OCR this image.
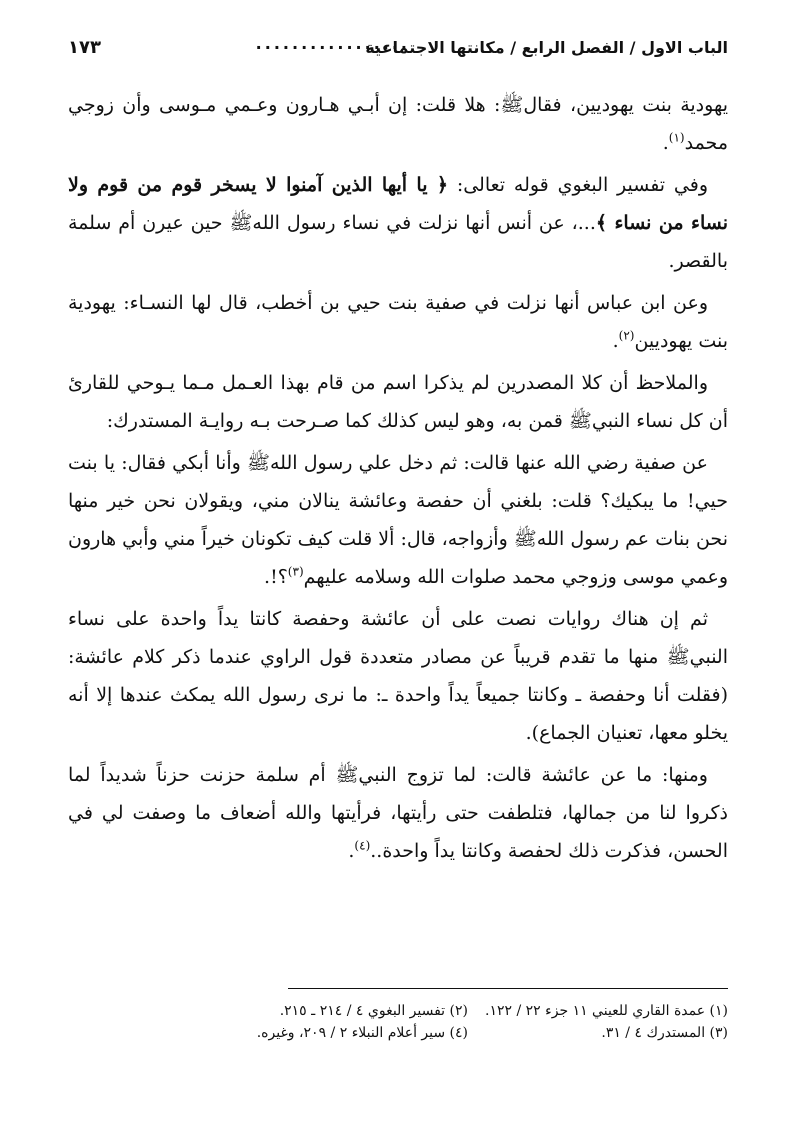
الباب الاول / الفصل الرابع / مكانتها الاجتماعية
.................
١٧٣

يهودية بنت يهوديين، فقالﷺ: هلا قلت: إن أبـي هـارون وعـمي مـوسى وأن زوجي محمد$^{(١)}$.

وفي تفسير البغوي قوله تعالى: ﴿ يا أيها الذين آمنوا لا يسخر قوم من قوم ولا نساء من نساء ﴾...، عن أنس أنها نزلت في نساء رسول اللهﷺ حين عيرن أم سلمة بالقصر.

وعن ابن عباس أنها نزلت في صفية بنت حيي بن أخطب، قال لها النسـاء: يهودية بنت يهوديين$^{(٢)}$.

والملاحظ أن كلا المصدرين لم يذكرا اسم من قام بهذا العـمل مـما يـوحي للقارئ أن كل نساء النبيﷺ قمن به، وهو ليس كذلك كما صـرحت بـه روايـة المستدرك:

عن صفية رضي الله عنها قالت: ثم دخل علي رسول اللهﷺ وأنا أبكي فقال: يا بنت حيي! ما يبكيك؟ قلت: بلغني أن حفصة وعائشة ينالان مني، ويقولان نحن خير منها نحن بنات عم رسول اللهﷺ وأزواجه، قال: ألا قلت كيف تكونان خيراً مني وأبي هارون وعمي موسى وزوجي محمد صلوات الله وسلامه عليهم$^{(٣)}$؟!.

ثم إن هناك روايات نصت على أن عائشة وحفصة كانتا يداً واحدة على نساء النبيﷺ منها ما تقدم قريباً عن مصادر متعددة قول الراوي عندما ذكر كلام عائشة: (فقلت أنا وحفصة ـ وكانتا جميعاً يداً واحدة ـ: ما نرى رسول الله يمكث عندها إلا أنه يخلو معها، تعنيان الجماع).

ومنها: ما عن عائشة قالت: لما تزوج النبيﷺ أم سلمة حزنت حزناً شديداً لما ذكروا لنا من جمالها، فتلطفت حتى رأيتها، فرأيتها والله أضعاف ما وصفت لي في الحسن، فذكرت ذلك لحفصة وكانتا يداً واحدة..$^{(٤)}$.

(١) عمدة القاري للعيني ١١ جزء ٢٢ / ١٢٢.
(٢) تفسير البغوي ٤ / ٢١٤ ـ ٢١٥.
(٣) المستدرك ٤ / ٣١.
(٤) سير أعلام النبلاء ٢ / ٢٠٩، وغيره.
